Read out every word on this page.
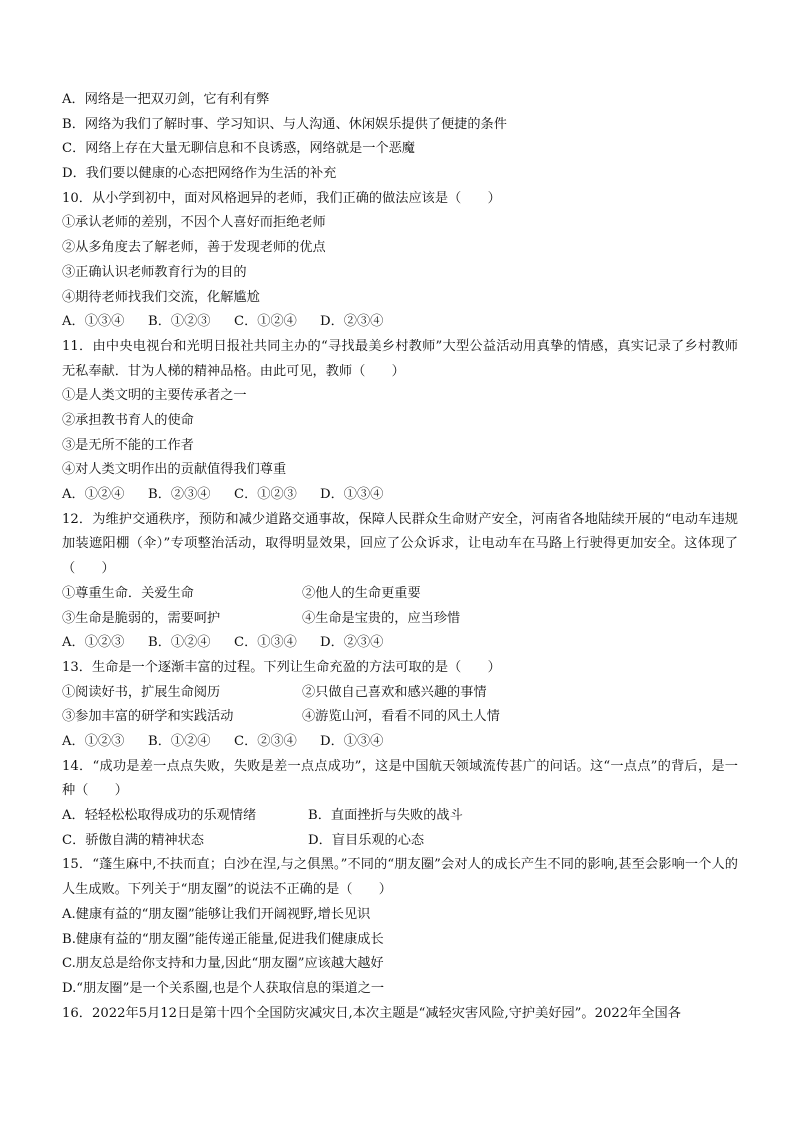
A．网络是一把双刃剑，它有利有弊
B．网络为我们了解时事、学习知识、与人沟通、休闲娱乐提供了便捷的条件
C．网络上存在大量无聊信息和不良诱惑，网络就是一个恶魔
D．我们要以健康的心态把网络作为生活的补充
10．从小学到初中，面对风格迥异的老师，我们正确的做法应该是（　　）
①承认老师的差别，不因个人喜好而拒绝老师
②从多角度去了解老师，善于发现老师的优点
③正确认识老师教育行为的目的
④期待老师找我们交流，化解尴尬
A．①③④	B．①②③	C．①②④	D．②③④
11．由中央电视台和光明日报社共同主办的“寻找最美乡村教师”大型公益活动用真挚的情感，真实记录了乡村教师无私奉献．甘为人梯的精神品格。由此可见，教师（　　）
①是人类文明的主要传承者之一
②承担教书育人的使命
③是无所不能的工作者
④对人类文明作出的贡献值得我们尊重
A．①②④	B．②③④	C．①②③	D．①③④
12．为维护交通秩序，预防和减少道路交通事故，保障人民群众生命财产安全，河南省各地陆续开展的“电动车违规加装遮阳棚（伞）”专项整治活动，取得明显效果，回应了公众诉求，让电动车在马路上行驶得更加安全。这体现了（　　）
①尊重生命．关爱生命	②他人的生命更重要
③生命是脆弱的，需要呵护	④生命是宝贵的，应当珍惜
A．①②③	B．①②④	C．①③④	D．②③④
13．生命是一个逐渐丰富的过程。下列让生命充盈的方法可取的是（　　）
①阅读好书，扩展生命阅历	②只做自己喜欢和感兴趣的事情
③参加丰富的研学和实践活动	④游览山河，看看不同的风土人情
A．①②③	B．①②④	C．②③④	D．①③④
14．“成功是差一点点失败，失败是差一点点成功”，这是中国航天领域流传甚广的问话。这“一点点”的背后，是一种（　　）
A．轻轻松松取得成功的乐观情绪	B．直面挫折与失败的战斗
C．骄傲自满的精神状态	D．盲目乐观的心态
15．“蓬生麻中,不扶而直；白沙在涅,与之俱黑。”不同的“朋友圈”会对人的成长产生不同的影响,甚至会影响一个人的人生成败。下列关于“朋友圈”的说法不正确的是（　　）
A.健康有益的“朋友圈”能够让我们开阔视野,增长见识
B.健康有益的“朋友圈”能传递正能量,促进我们健康成长
C.朋友总是给你支持和力量,因此“朋友圈”应该越大越好
D.“朋友圈”是一个关系圈,也是个人获取信息的渠道之一
16．2022年5月12日是第十四个全国防灾减灾日,本次主题是“减轻灾害风险,守护美好园”。2022年全国各
